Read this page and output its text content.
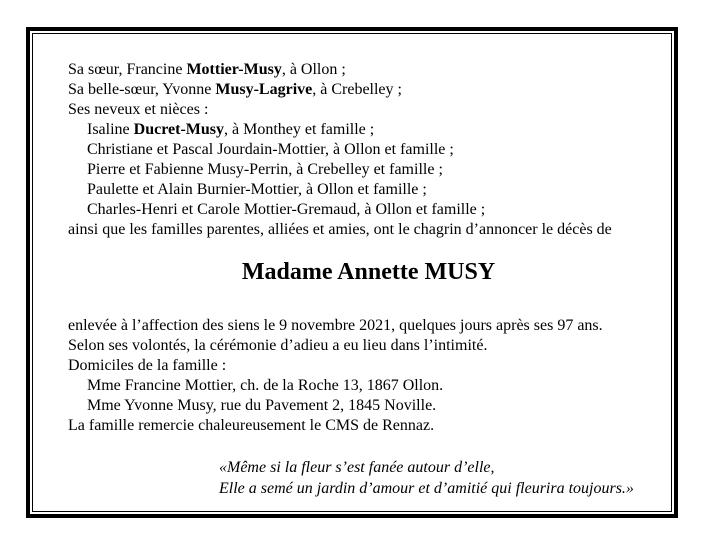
Sa sœur, Francine Mottier-Musy, à Ollon ;
Sa belle-sœur, Yvonne Musy-Lagrive, à Crebelley ;
Ses neveux et nièces :
Isaline Ducret-Musy, à Monthey et famille ;
Christiane et Pascal Jourdain-Mottier, à Ollon et famille ;
Pierre et Fabienne Musy-Perrin, à Crebelley et famille ;
Paulette et Alain Burnier-Mottier, à Ollon et famille ;
Charles-Henri et Carole Mottier-Gremaud, à Ollon et famille ;
ainsi que les familles parentes, alliées et amies, ont le chagrin d’annoncer le décès de
Madame Annette MUSY
enlevée à l’affection des siens le 9 novembre 2021, quelques jours après ses 97 ans.
Selon ses volontés, la cérémonie d’adieu a eu lieu dans l’intimité.
Domiciles de la famille :
Mme Francine Mottier, ch. de la Roche 13, 1867 Ollon.
Mme Yvonne Musy, rue du Pavement 2, 1845 Noville.
La famille remercie chaleureusement le CMS de Rennaz.
«Même si la fleur s’est fanée autour d’elle,
Elle a semé un jardin d’amour et d’amitié qui fleurira toujours.»
